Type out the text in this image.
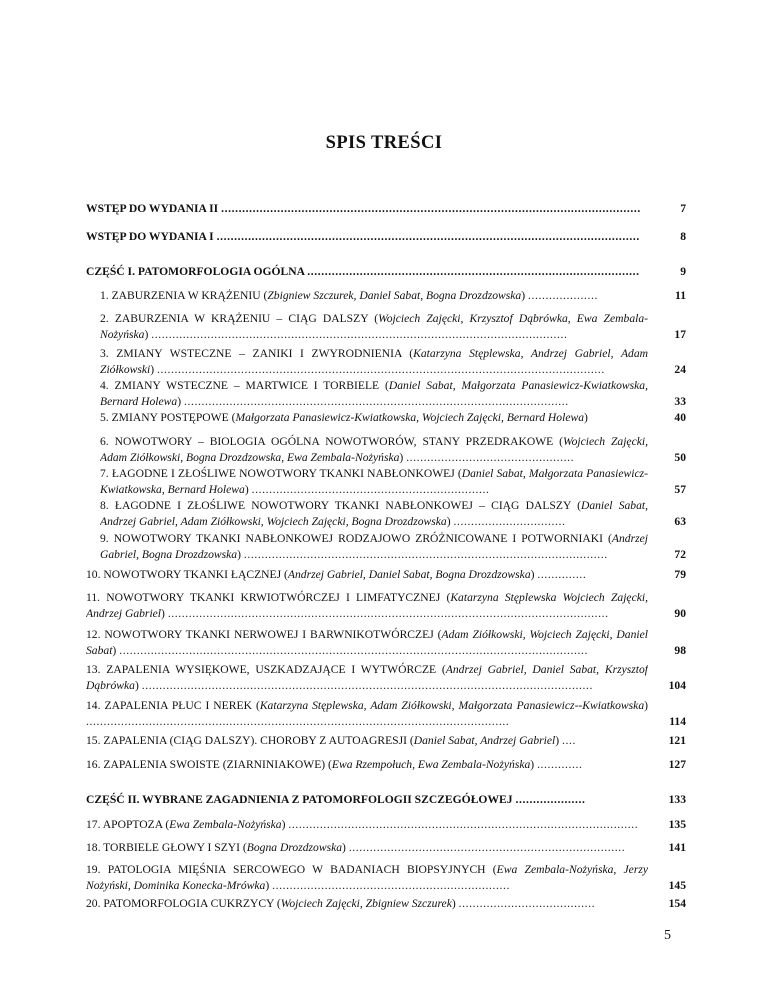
SPIS TREŚCI
WSTĘP DO WYDANIA II ........................................................................................................................	7
WSTĘP DO WYDANIA I .........................................................................................................................	8
CZĘŚĆ I. PATOMORFOLOGIA OGÓLNA ...............................................................................................	9
1. ZABURZENIA W KRĄŻENIU (Zbigniew Szczurek, Daniel Sabat, Bogna Drozdzowska) ....................	11
2. ZABURZENIA W KRĄŻENIU – CIĄG DALSZY (Wojciech Zajęcki, Krzysztof Dąbrówka, Ewa Zembala-Nożyńska) .......................................................................................................................	17
3. ZMIANY WSTECZNE – ZANIKI I ZWYRODNIENIA (Katarzyna Stęplewska, Andrzej Gabriel, Adam Ziółkowski) ................................................................................................................................	24
4. ZMIANY WSTECZNE – MARTWICE I TORBIELE (Daniel Sabat, Małgorzata Panasiewicz-Kwiatkowska, Bernard Holewa) ..............................................................................................................	33
5. ZMIANY POSTĘPOWE (Małgorzata Panasiewicz-Kwiatkowska, Wojciech Zajęcki, Bernard Holewa)	40
6. NOWOTWORY – BIOLOGIA OGÓLNA NOWOTWORÓW, STANY PRZEDRAKOWE (Wojciech Zajęcki, Adam Ziółkowski, Bogna Drozdzowska, Ewa Zembala-Nożyńska) ................................................	50
7. ŁAGODNE I ZŁOŚLIWE NOWOTWORY TKANKI NABŁONKOWEJ (Daniel Sabat, Małgorzata Panasiewicz-Kwiatkowska, Bernard Holewa) ....................................................................	57
8. ŁAGODNE I ZŁOŚLIWE NOWOTWORY TKANKI NABŁONKOWEJ – CIĄG DALSZY (Daniel Sabat, Andrzej Gabriel, Adam Ziółkowski, Wojciech Zajęcki, Bogna Drozdzowska) ................................	63
9. NOWOTWORY TKANKI NABŁONKOWEJ RODZAJOWO ZRÓŻNICOWANE I POTWORNIAKI (Andrzej Gabriel, Bogna Drozdzowska) ........................................................................................................	72
10. NOWOTWORY TKANKI ŁĄCZNEJ (Andrzej Gabriel, Daniel Sabat, Bogna Drozdzowska) ..............	79
11. NOWOTWORY TKANKI KRWIOTWÓRCZEJ I LIMFATYCZNEJ (Katarzyna Stęplewska Wojciech Zajęcki, Andrzej Gabriel) ..............................................................................................................................	90
12. NOWOTWORY TKANKI NERWOWEJ I BARWNIKOTWÓRCZEJ (Adam Ziółkowski, Wojciech Zajęcki, Daniel Sabat) ......................................................................................................................................	98
13. ZAPALENIA WYSIĘKOWE, USZKADZAJĄCE I WYTWÓRCZE (Andrzej Gabriel, Daniel Sabat, Krzysztof Dąbrówka) .................................................................................................................................	104
14. ZAPALENIA PŁUC I NEREK (Katarzyna Stęplewska, Adam Ziółkowski, Małgorzata Panasiewicz--Kwiatkowska) .........................................................................................................................	114
15. ZAPALENIA (CIĄG DALSZY). CHOROBY Z AUTOAGRESJI (Daniel Sabat, Andrzej Gabriel) ....	121
16. ZAPALENIA SWOISTE (ZIARNINIAKOWE) (Ewa Rzempołuch, Ewa Zembala-Nożyńska) .............	127
CZĘŚĆ II. WYBRANE ZAGADNIENIA Z PATOMORFOLOGII SZCZEGÓŁOWEJ ....................	133
17. APOPTOZA (Ewa Zembala-Nożyńska) ....................................................................................................	135
18. TORBIELE GŁOWY I SZYI (Bogna Drozdzowska) ...............................................................................	141
19. PATOLOGIA MIĘŚNIA SERCOWEGO W BADANIACH BIOPSYJNYCH (Ewa Zembala-Nożyńska, Jerzy Nożyński, Dominika Konecka-Mrówka) ....................................................................	145
20. PATOMORFOLOGIA CUKRZYCY (Wojciech Zajęcki, Zbigniew Szczurek) .......................................	154
5
